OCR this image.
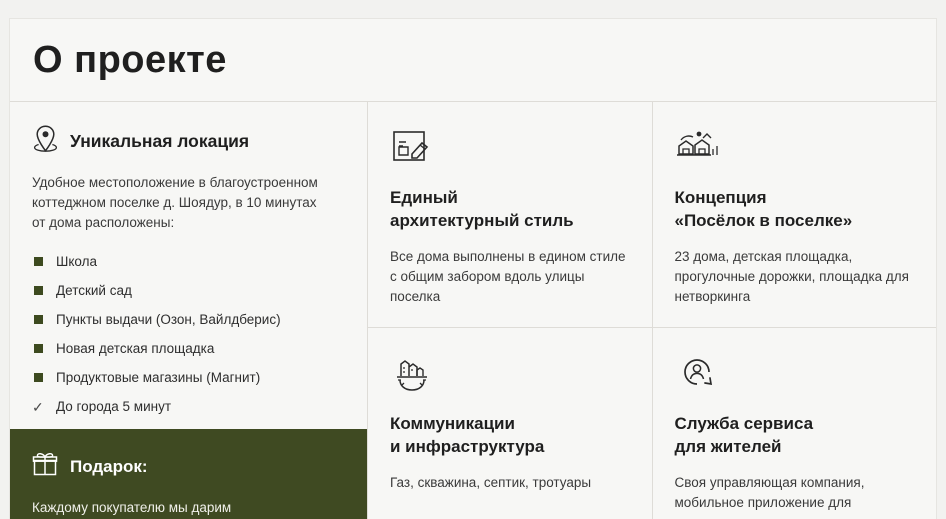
О проекте
Уникальная локация

Удобное местоположение в благоустроенном коттеджном поселке д. Шоядур, в 10 минутах от дома расположены:

Школа
Детский сад
Пункты выдачи (Озон, Вайлдберис)
Новая детская площадка
Продуктовые магазины (Магнит)
✓ До города 5 минут
Подарок:

Каждому покупателю мы дарим

Единый
архитектурный стиль

Все дома выполнены в едином стиле с общим забором вдоль улицы поселка

Коммуникации
и инфраструктура

Газ, скважина, септик, тротуары

Концепция
«Посёлок в поселке»

23 дома, детская площадка, прогулочные дорожки, площадка для нетворкинга

Служба сервиса
для жителей

Своя управляющая компания, мобильное приложение для
